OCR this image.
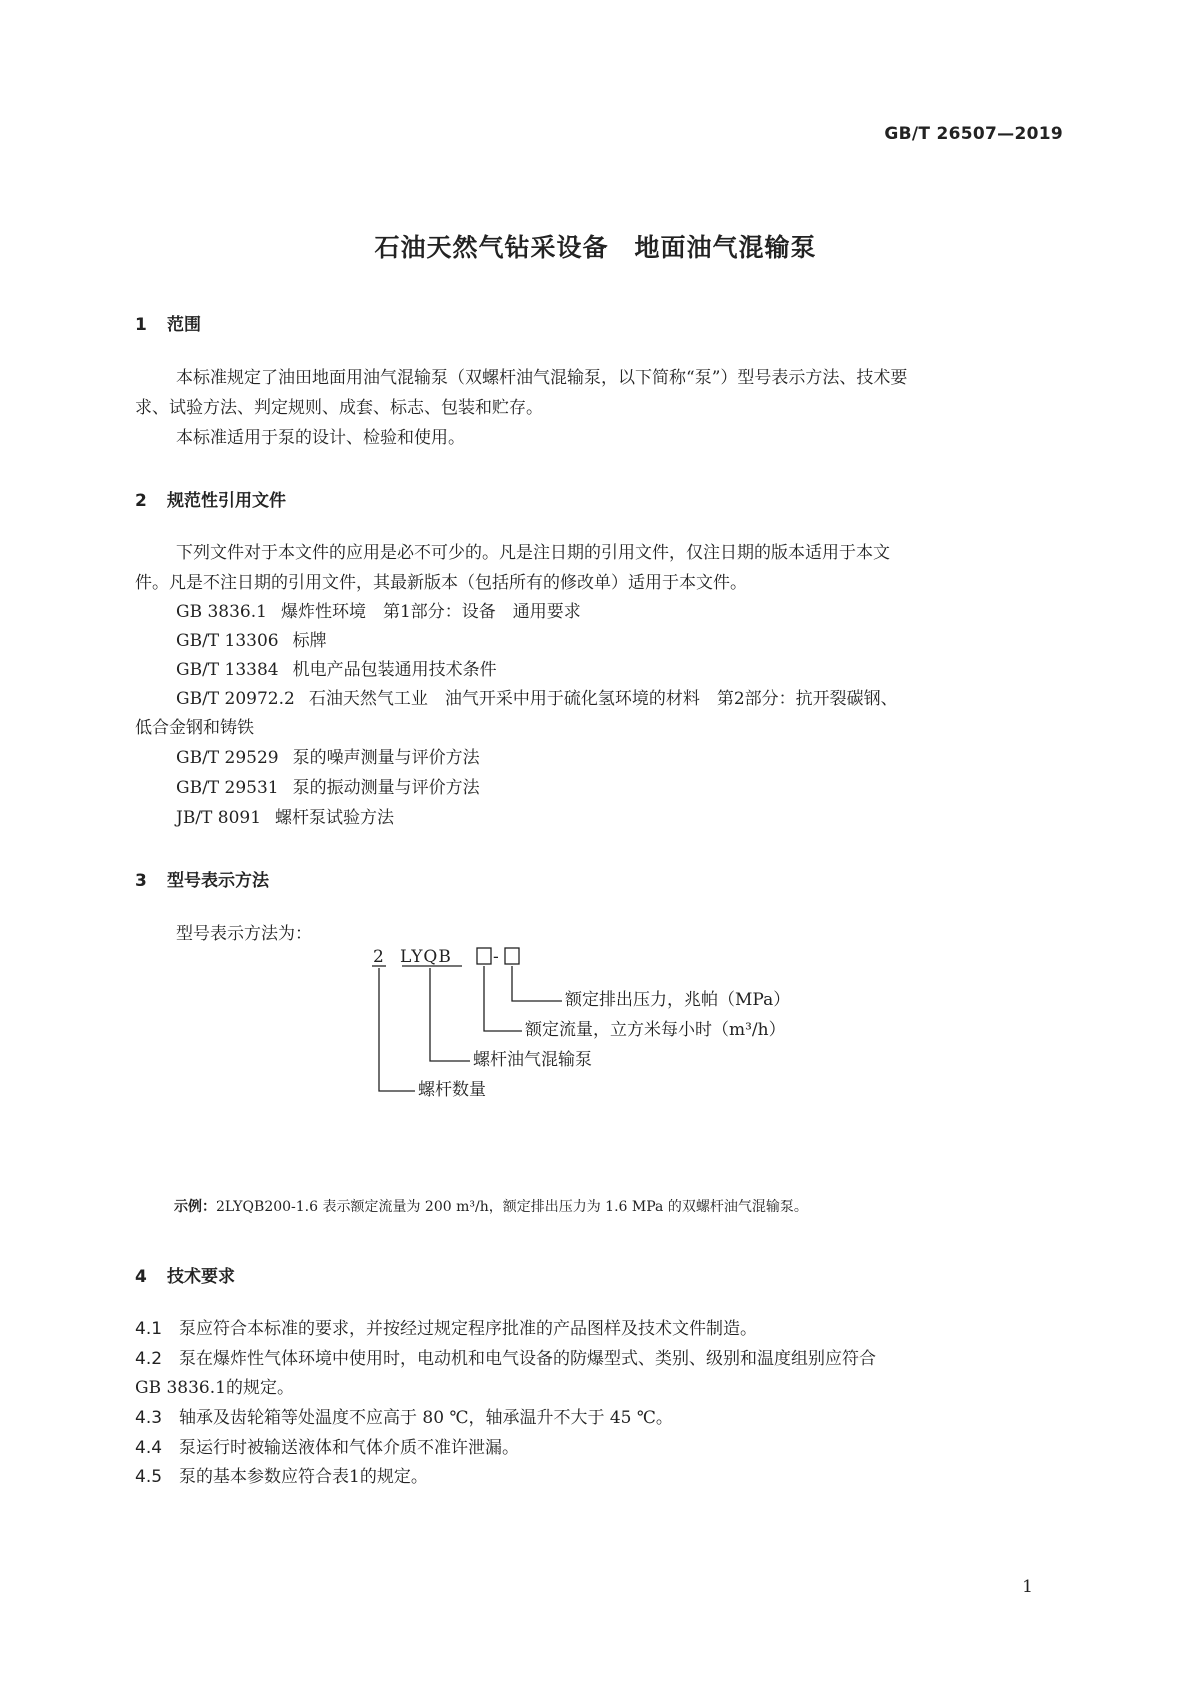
GB/T 26507—2019
石油天然气钻采设备　地面油气混输泵
1 范围
本标准规定了油田地面用油气混输泵（双螺杆油气混输泵，以下简称“泵”）型号表示方法、技术要
求、试验方法、判定规则、成套、标志、包装和贮存。
本标准适用于泵的设计、检验和使用。
2 规范性引用文件
下列文件对于本文件的应用是必不可少的。凡是注日期的引用文件，仅注日期的版本适用于本文
件。凡是不注日期的引用文件，其最新版本（包括所有的修改单）适用于本文件。
GB 3836.1 爆炸性环境　第1部分：设备　通用要求
GB/T 13306 标牌
GB/T 13384 机电产品包装通用技术条件
GB/T 20972.2 石油天然气工业　油气开采中用于硫化氢环境的材料　第2部分：抗开裂碳钢、
低合金钢和铸铁
GB/T 29529 泵的噪声测量与评价方法
GB/T 29531 泵的振动测量与评价方法
JB/T 8091 螺杆泵试验方法
3 型号表示方法
型号表示方法为：
2 LYQB -
额定排出压力，兆帕（MPa）
额定流量，立方米每小时（m³/h）
螺杆油气混输泵
螺杆数量
示例：2LYQB200-1.6 表示额定流量为 200 m³/h，额定排出压力为 1.6 MPa 的双螺杆油气混输泵。
4 技术要求
4.1 泵应符合本标准的要求，并按经过规定程序批准的产品图样及技术文件制造。
4.2 泵在爆炸性气体环境中使用时，电动机和电气设备的防爆型式、类别、级别和温度组别应符合
GB 3836.1的规定。
4.3 轴承及齿轮箱等处温度不应高于 80 ℃，轴承温升不大于 45 ℃。
4.4 泵运行时被输送液体和气体介质不准许泄漏。
4.5 泵的基本参数应符合表1的规定。
1
